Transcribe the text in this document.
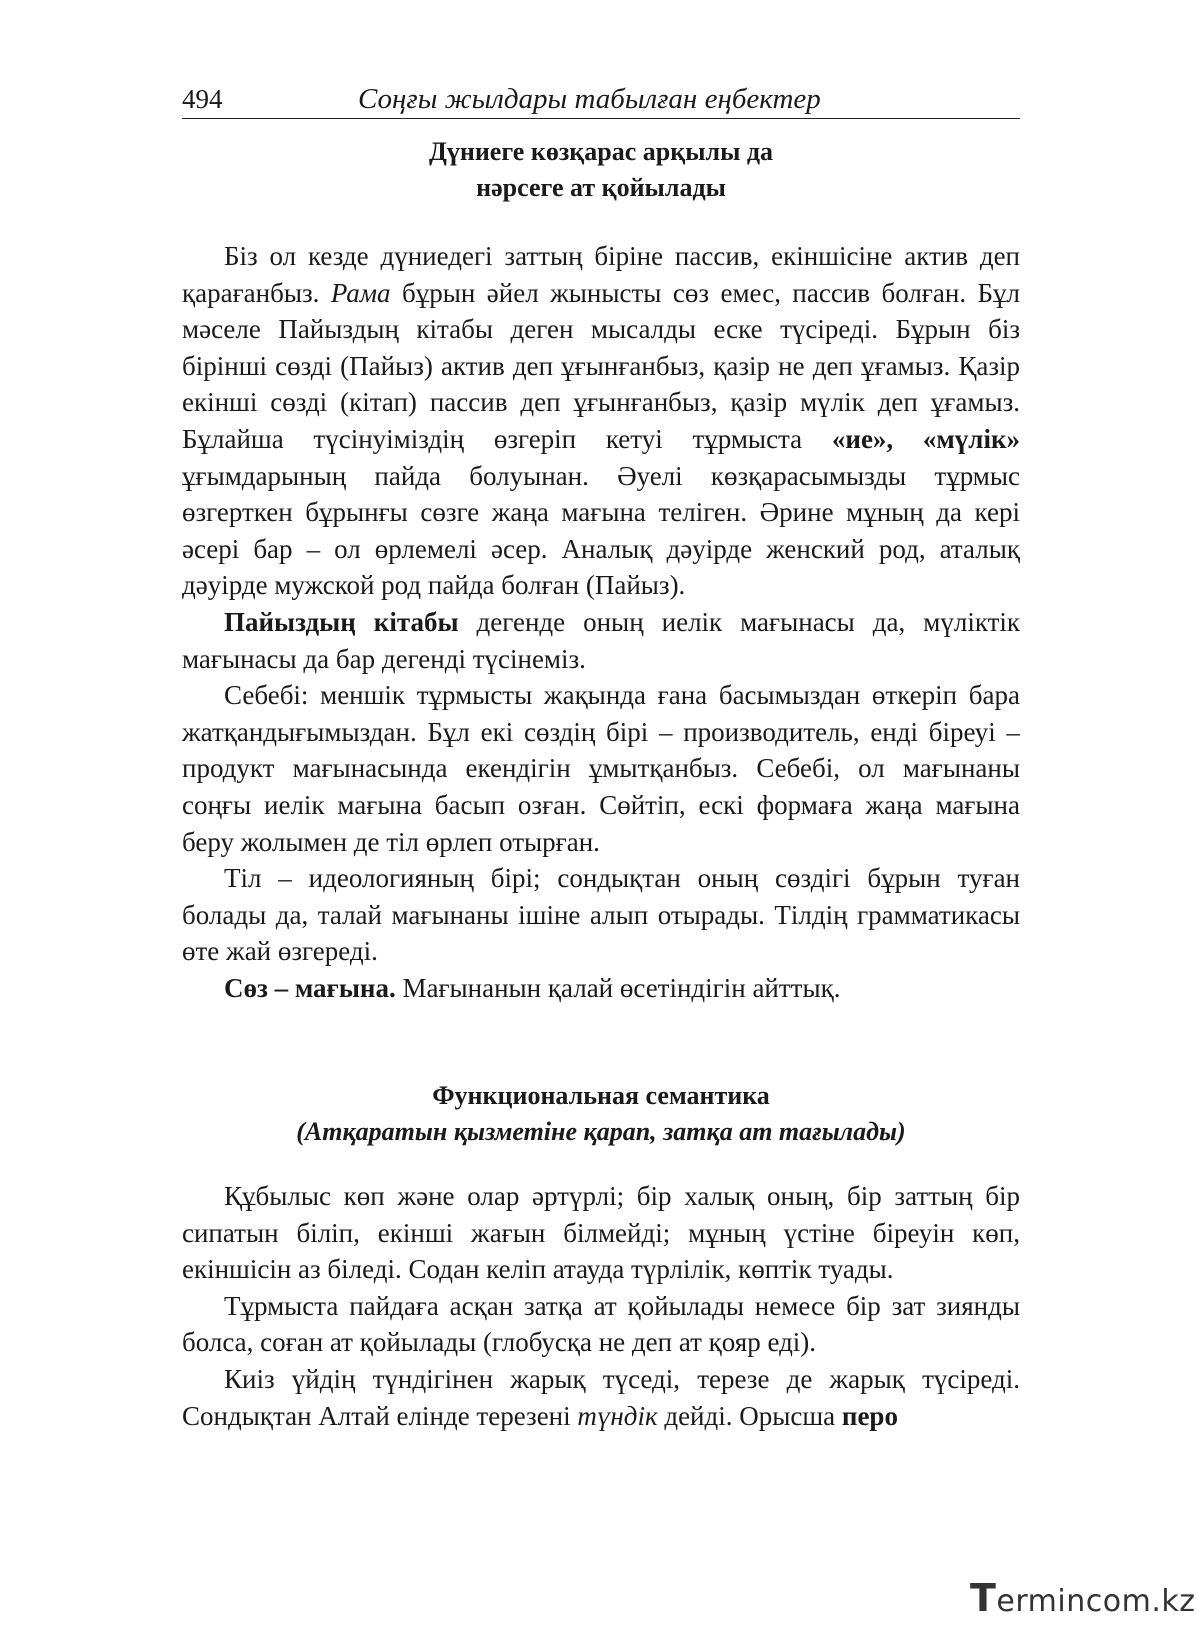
494	Соңғы жылдары табылған еңбектер
Дүниеге көзқарас арқылы да
нәрсеге ат қойылады

Біз ол кезде дүниедегі заттың біріне пассив, екіншісіне актив деп қарағанбыз. Рама бұрын әйел жынысты сөз емес, пассив болған. Бұл мәселе Пайыздың кітабы деген мысалды еске түсіреді. Бұрын біз бірінші сөзді (Пайыз) актив деп ұғынғанбыз, қазір не деп ұғамыз. Қазір екінші сөзді (кітап) пассив деп ұғынғанбыз, қазір мүлік деп ұғамыз. Бұлайша түсінуіміздің өзгеріп кетуі тұрмыста «ие», «мүлік» ұғымдарының пайда болуынан. Әуелі көзқарасымызды тұрмыс өзгерткен бұрынғы сөзге жаңа мағына телiген. Әрине мұның да кері әсері бар – ол өрлемелі әсер. Аналық дәуірде женский род, аталық дәуірде мужской род пайда болған (Пайыз).

Пайыздың кітабы дегенде оның иелік мағынасы да, мүліктік мағынасы да бар дегенді түсінеміз.

Себебі: меншік тұрмысты жақында ғана басымыздан өткеріп бара жатқандығымыздан. Бұл екі сөздің бірі – производитель, енді біреуі – продукт мағынасында екендігін ұмытқанбыз. Себебі, ол мағынаны соңғы иелік мағына басып озған. Сөйтіп, ескі формаға жаңа мағына беру жолымен де тіл өрлеп отырған.

Тіл – идеологияның бірі; сондықтан оның сөздігі бұрын туған болады да, талай мағынаны ішіне алып отырады. Тілдің грамматикасы өте жай өзгереді.

Сөз – мағына. Мағынанын қалай өсетіндігін айттық.

Функциональная семантика
(Атқаратын қызметіне қарап, затқа ат тағылады)

Құбылыс көп және олар әртүрлі; бір халық оның, бір заттың бір сипатын біліп, екінші жағын білмейді; мұның үстіне біреуін көп, екіншісін аз біледі. Содан келіп атауда түрлілік, көптік туады.

Тұрмыста пайдаға асқан затқа ат қойылады немесе бір зат зиянды болса, соған ат қойылады (глобусқа не деп ат қояр еді).

Киіз үйдің түндігінен жарық түседі, терезе де жарық түсіреді. Сондықтан Алтай елінде терезені түндік дейді. Орысша перо

Termincom.kz
